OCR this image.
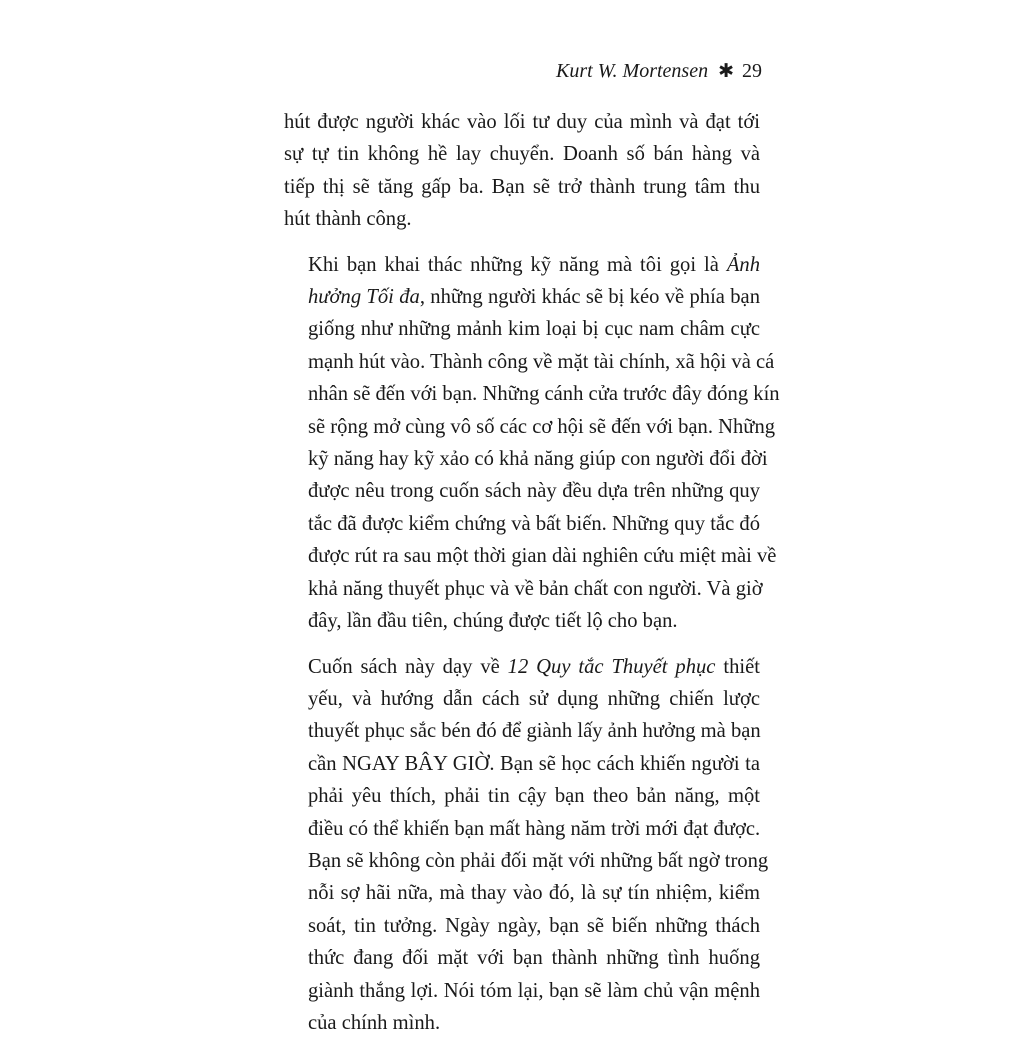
Kurt W. Mortensen ✱ 29

hút được người khác vào lối tư duy của mình và đạt tới
sự tự tin không hề lay chuyển. Doanh số bán hàng và
tiếp thị sẽ tăng gấp ba. Bạn sẽ trở thành trung tâm thu
hút thành công.

Khi bạn khai thác những kỹ năng mà tôi gọi là Ảnh
hưởng Tối đa, những người khác sẽ bị kéo về phía bạn
giống như những mảnh kim loại bị cục nam châm cực
mạnh hút vào. Thành công về mặt tài chính, xã hội và cá
nhân sẽ đến với bạn. Những cánh cửa trước đây đóng kín
sẽ rộng mở cùng vô số các cơ hội sẽ đến với bạn. Những
kỹ năng hay kỹ xảo có khả năng giúp con người đổi đời
được nêu trong cuốn sách này đều dựa trên những quy
tắc đã được kiểm chứng và bất biến. Những quy tắc đó
được rút ra sau một thời gian dài nghiên cứu miệt mài về
khả năng thuyết phục và về bản chất con người. Và giờ
đây, lần đầu tiên, chúng được tiết lộ cho bạn.

Cuốn sách này dạy về 12 Quy tắc Thuyết phục thiết
yếu, và hướng dẫn cách sử dụng những chiến lược
thuyết phục sắc bén đó để giành lấy ảnh hưởng mà bạn
cần NGAY BÂY GIỜ. Bạn sẽ học cách khiến người ta
phải yêu thích, phải tin cậy bạn theo bản năng, một
điều có thể khiến bạn mất hàng năm trời mới đạt được.
Bạn sẽ không còn phải đối mặt với những bất ngờ trong
nỗi sợ hãi nữa, mà thay vào đó, là sự tín nhiệm, kiểm
soát, tin tưởng. Ngày ngày, bạn sẽ biến những thách
thức đang đối mặt với bạn thành những tình huống
giành thắng lợi. Nói tóm lại, bạn sẽ làm chủ vận mệnh
của chính mình.
